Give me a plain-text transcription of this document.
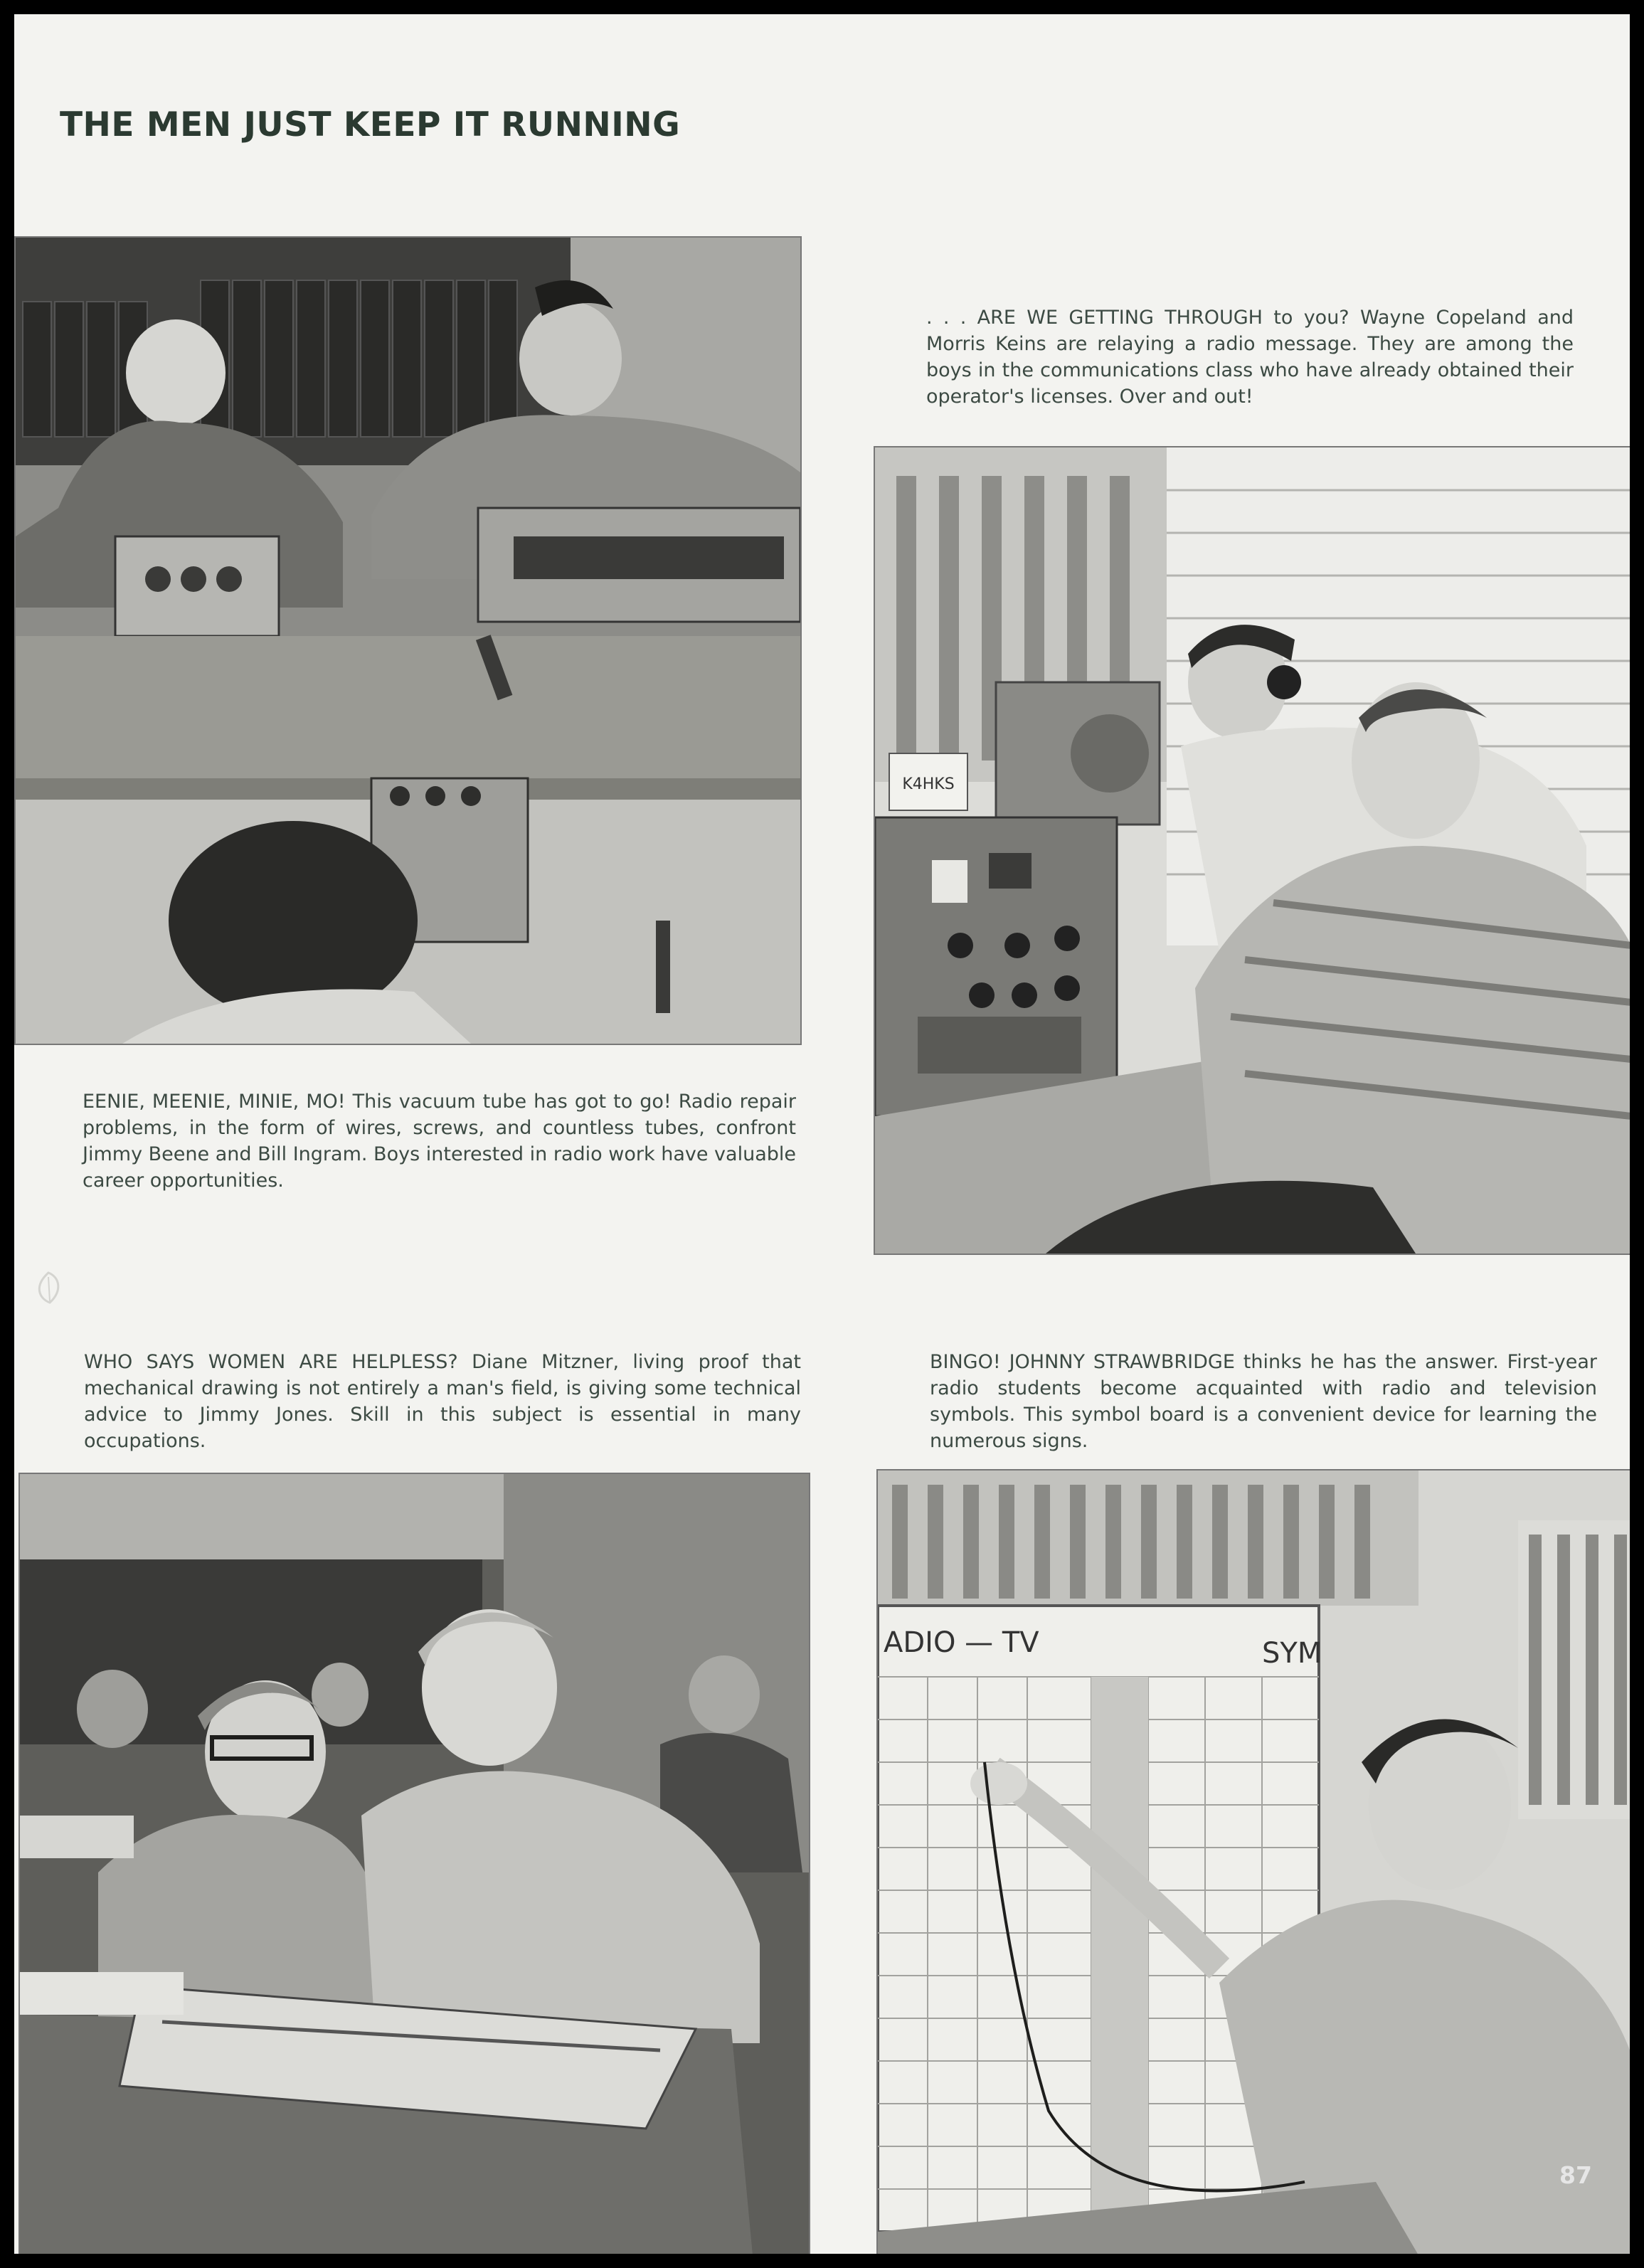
THE MEN JUST KEEP IT RUNNING

. . . ARE WE GETTING THROUGH to you? Wayne Copeland and Morris Keins are relaying a radio message. They are among the boys in the communications class who have already obtained their operator's licenses. Over and out!

K4HKS

EENIE, MEENIE, MINIE, MO! This vacuum tube has got to go! Radio repair problems, in the form of wires, screws, and countless tubes, confront Jimmy Beene and Bill Ingram. Boys interested in radio work have valuable career opportunities.

WHO SAYS WOMEN ARE HELPLESS? Diane Mitzner, living proof that mechanical drawing is not entirely a man's field, is giving some technical advice to Jimmy Jones. Skill in this subject is essential in many occupations.

BINGO! JOHNNY STRAWBRIDGE thinks he has the answer. First-year radio students become acquainted with radio and television symbols. This symbol board is a convenient device for learning the numerous signs.

ADIO — TV	SYM
87
